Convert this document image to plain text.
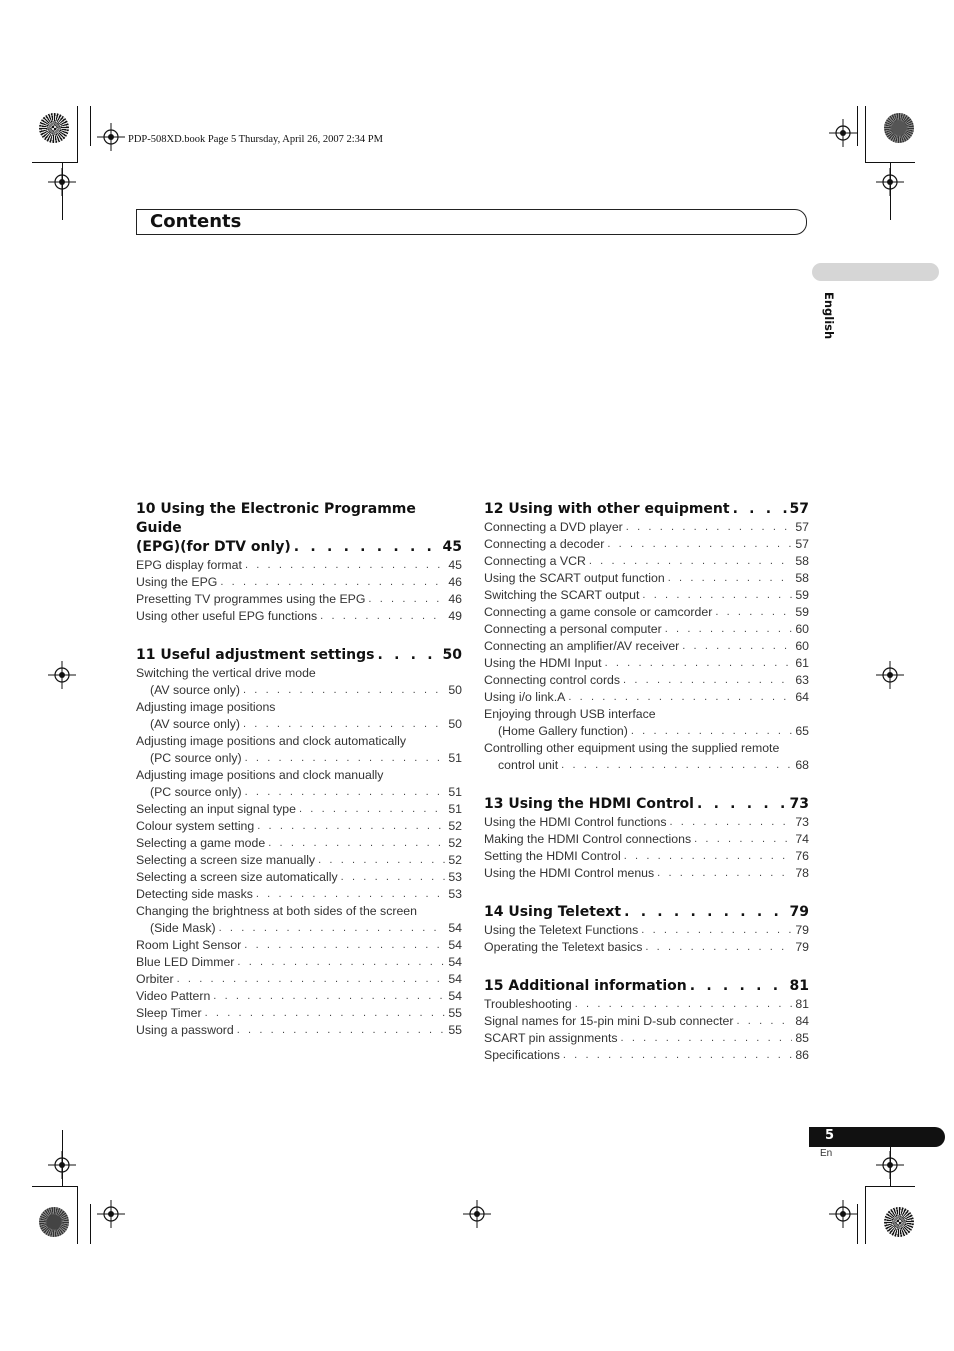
PDP-508XD.book Page 5 Thursday, April 26, 2007 2:34 PM
Contents
English
10 Using the Electronic Programme Guide
(EPG)(for DTV only) . . .	45
EPG display format . . .	45
Using the EPG . . .	46
Presetting TV programmes using the EPG . . .	46
Using other useful EPG functions . . .	49
11 Useful adjustment settings . . .	50
Switching the vertical drive mode
(AV source only) . . .	50
Adjusting image positions
(AV source only) . . .	50
Adjusting image positions and clock automatically
(PC source only) . . .	51
Adjusting image positions and clock manually
(PC source only) . . .	51
Selecting an input signal type . . .	51
Colour system setting . . .	52
Selecting a game mode . . .	52
Selecting a screen size manually . . .	52
Selecting a screen size automatically . . .	53
Detecting side masks . . .	53
Changing the brightness at both sides of the screen
(Side Mask) . . .	54
Room Light Sensor . . .	54
Blue LED Dimmer . . .	54
Orbiter . . .	54
Video Pattern . . .	54
Sleep Timer . . .	55
Using a password . . .	55
12 Using with other equipment . . .	57
Connecting a DVD player . . .	57
Connecting a decoder . . .	57
Connecting a VCR . . .	58
Using the SCART output function . . .	58
Switching the SCART output . . .	59
Connecting a game console or camcorder . . .	59
Connecting a personal computer . . .	60
Connecting an amplifier/AV receiver . . .	60
Using the HDMI Input . . .	61
Connecting control cords . . .	63
Using i/o link.A . . .	64
Enjoying through USB interface
(Home Gallery function) . . .	65
Controlling other equipment using the supplied remote
control unit . . .	68
13 Using the HDMI Control . . .	73
Using the HDMI Control functions . . .	73
Making the HDMI Control connections . . .	74
Setting the HDMI Control . . .	76
Using the HDMI Control menus . . .	78
14 Using Teletext . . .	79
Using the Teletext Functions . . .	79
Operating the Teletext basics . . .	79
15 Additional information . . .	81
Troubleshooting . . .	81
Signal names for 15-pin mini D-sub connecter . . .	84
SCART pin assignments . . .	85
Specifications . . .	86
5
En
